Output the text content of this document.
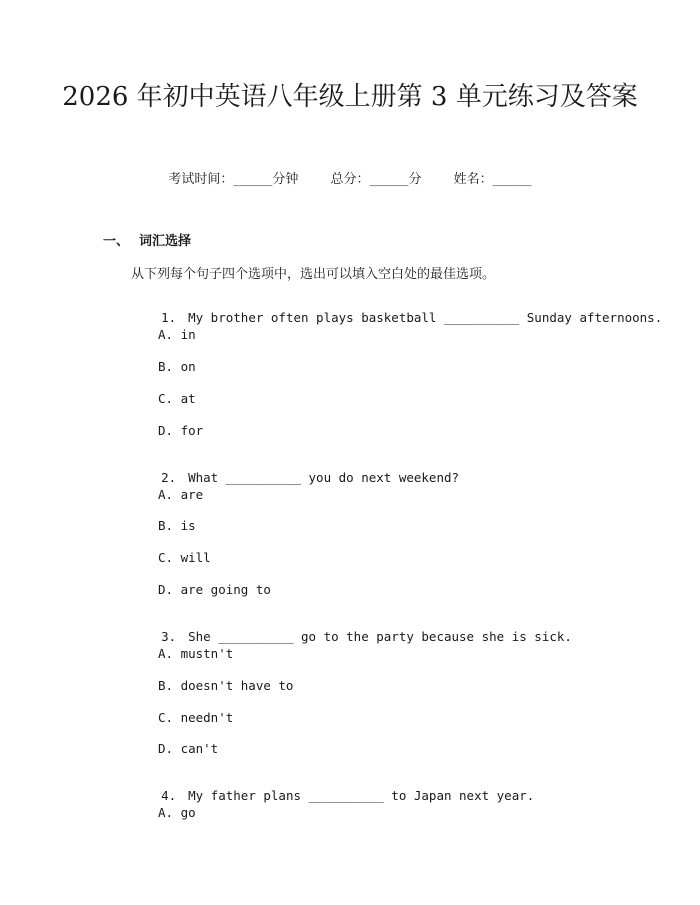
2026 年初中英语八年级上册第 3 单元练习及答案
考试时间：______分钟 总分：______分 姓名：______
一、 词汇选择
从下列每个句子四个选项中，选出可以填入空白处的最佳选项。

1. My brother often plays basketball __________ Sunday afternoons.

A. in
B. on
C. at
D. for

2. What __________ you do next weekend?

A. are
B. is
C. will
D. are going to

3. She __________ go to the party because she is sick.

A. mustn't
B. doesn't have to
C. needn't
D. can't

4. My father plans __________ to Japan next year.

A. go
